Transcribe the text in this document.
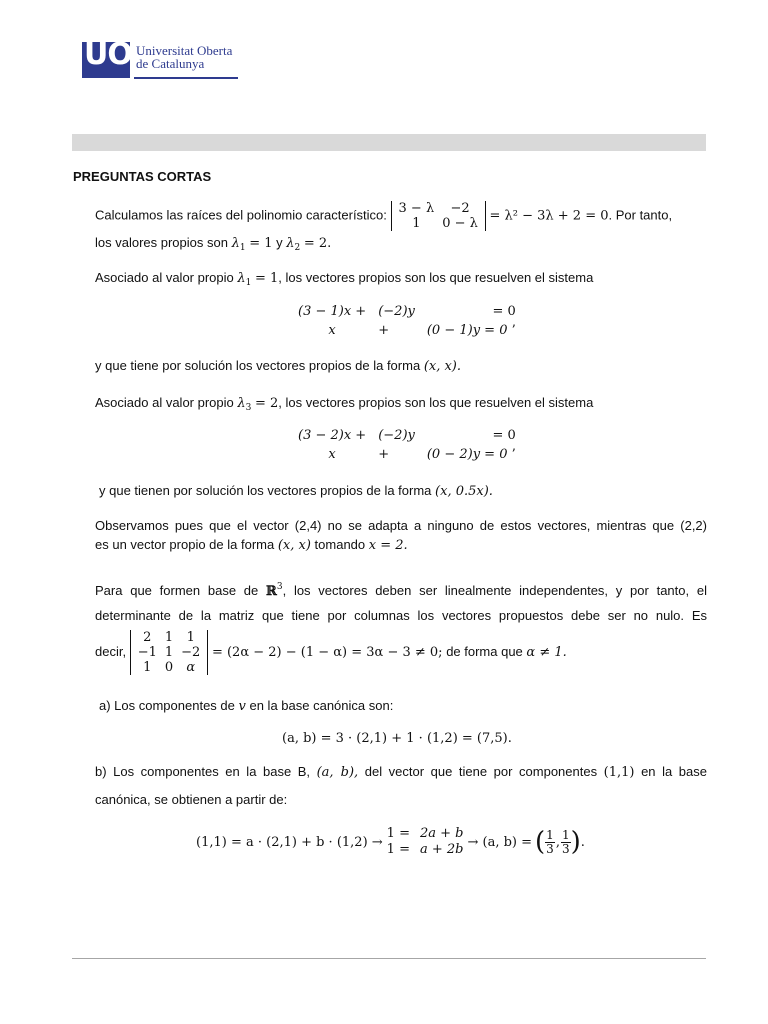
UOC
Universitat Oberta
de Catalunya
PREGUNTAS CORTAS
Calculamos las raíces del polinomio característico: 3 − λ	−2
1	0 − λ
= λ² − 3λ + 2 = 0. Por tanto,
los valores propios son $\lambda_1 = 1$ y $\lambda_2 = 2$.
Asociado al valor propio $\lambda_1 = 1$, los vectores propios son los que resuelven el sistema
(3 − 1)x +	(−2)y	= 0
x	+	(0 − 1)y = 0 ’
y que tiene por solución los vectores propios de la forma (x, x).
Asociado al valor propio $\lambda_3 = 2$, los vectores propios son los que resuelven el sistema
(3 − 2)x +	(−2)y	= 0
x	+	(0 − 2)y = 0 ’
y que tienen por solución los vectores propios de la forma (x, 0.5x).
Observamos pues que el vector (2,4) no se adapta a ninguno de estos vectores, mientras que (2,2)
es un vector propio de la forma (x, x) tomando x = 2.
Para que formen base de ℝ$^3$, los vectores deben ser linealmente independentes, y por tanto, el
determinante de la matriz que tiene por columnas los vectores propuestos debe ser no nulo. Es
decir,
2	1	1
−1	1	−2
1	0	α
= (2α − 2) − (1 − α) = 3α − 3 ≠ 0; de forma que α ≠ 1.
a) Los componentes de v en la base canónica son:
(a, b) = 3 · (2,1) + 1 · (1,2) = (7,5).
b) Los componentes en la base B, (a, b), del vector que tiene por componentes (1,1) en la base
canónica, se obtienen a partir de:
(1,1) = a · (2,1) + b · (1,2) →
1 =	2a + b
1 =	a + 2b → (a, b) = ( $\frac{1}{3}$ , $\frac{1}{3}$ ) .
